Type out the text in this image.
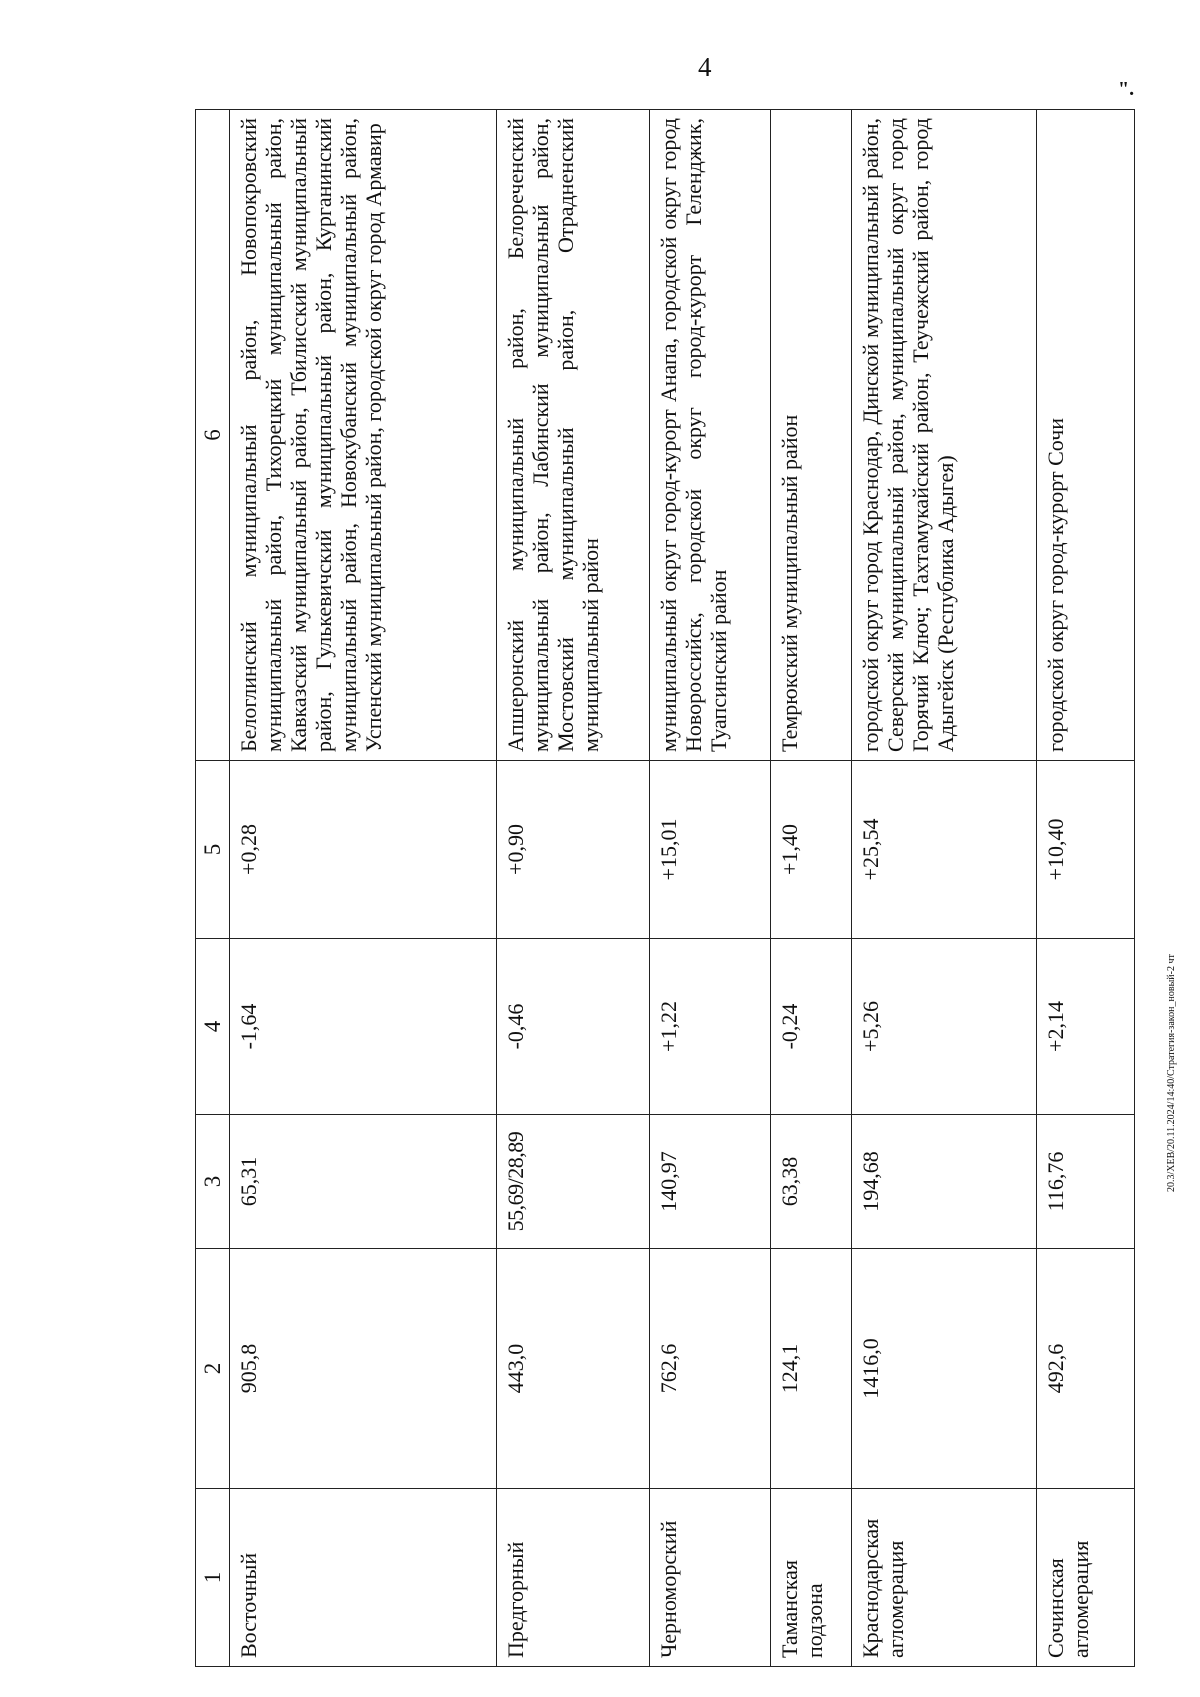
4
".
20.3/ХЕВ/20.11.2024/14:40/Стратегия-закон_новый-2 чт
1	2	3	4	5	6
Восточный	905,8	65,31	-1,64	+0,28	Белоглинский муниципальный район, Новопокровский муниципальный район, Тихорецкий муниципальный район, Кавказский муниципальный район, Тбилисский муниципальный район, Гулькевичский муниципальный район, Курганинский муниципальный район, Новокубанский муниципальный район, Успенский муниципальный район, городской округ город Армавир
Предгорный	443,0	55,69/28,89	-0,46	+0,90	Апшеронский муниципальный район, Белореченский муниципальный район, Лабинский муниципальный район, Мостовский муниципальный район, Отрадненский муниципальный район
Черноморский	762,6	140,97	+1,22	+15,01	муниципальный округ город-курорт Анапа, городской округ город Новороссийск, городской округ город-курорт Геленджик, Туапсинский район
Таманская подзона	124,1	63,38	-0,24	+1,40	Темрюкский муниципальный район
Краснодарская агломерация	1416,0	194,68	+5,26	+25,54	городской округ город Краснодар, Динской муниципальный район, Северский муниципальный район, муниципальный округ город Горячий Ключ; Тахтамукайский район, Теучежский район, город Адыгейск (Республика Адыгея)
Сочинская агломерация	492,6	116,76	+2,14	+10,40	городской округ город-курорт Сочи
